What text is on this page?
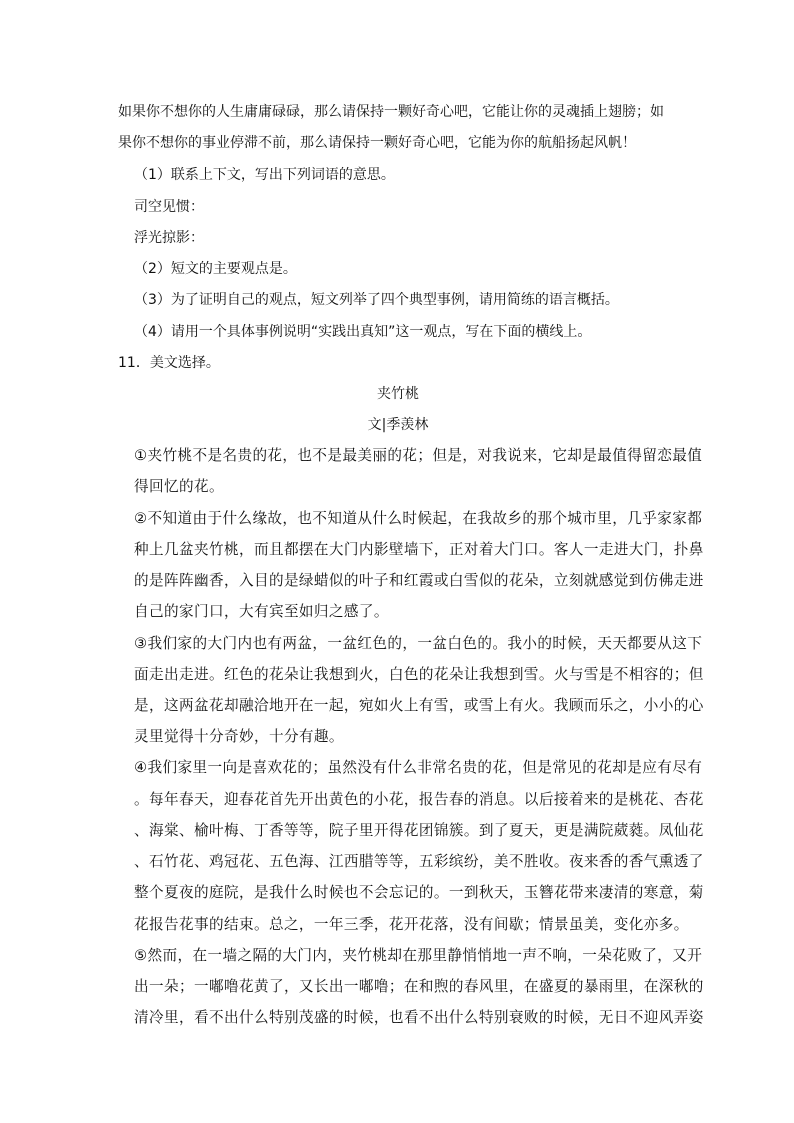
如果你不想你的人生庸庸碌碌，那么请保持一颗好奇心吧，它能让你的灵魂插上翅膀；如
果你不想你的事业停滞不前，那么请保持一颗好奇心吧，它能为你的航船扬起风帆！
（1）联系上下文，写出下列词语的意思。
司空见惯：
浮光掠影：
（2）短文的主要观点是。
（3）为了证明自己的观点，短文列举了四个典型事例，请用简练的语言概括。
（4）请用一个具体事例说明“实践出真知”这一观点，写在下面的横线上。
11．美文选择。
夹竹桃
文|季羡林
①夹竹桃不是名贵的花，也不是最美丽的花；但是，对我说来，它却是最值得留恋最值
得回忆的花。
②不知道由于什么缘故，也不知道从什么时候起，在我故乡的那个城市里，几乎家家都
种上几盆夹竹桃，而且都摆在大门内影壁墙下，正对着大门口。客人一走进大门，扑鼻
的是阵阵幽香，入目的是绿蜡似的叶子和红霞或白雪似的花朵，立刻就感觉到仿佛走进
自己的家门口，大有宾至如归之感了。
③我们家的大门内也有两盆，一盆红色的，一盆白色的。我小的时候，天天都要从这下
面走出走进。红色的花朵让我想到火，白色的花朵让我想到雪。火与雪是不相容的；但
是，这两盆花却融洽地开在一起，宛如火上有雪，或雪上有火。我顾而乐之，小小的心
灵里觉得十分奇妙，十分有趣。
④我们家里一向是喜欢花的；虽然没有什么非常名贵的花，但是常见的花却是应有尽有
。每年春天，迎春花首先开出黄色的小花，报告春的消息。以后接着来的是桃花、杏花
、海棠、榆叶梅、丁香等等，院子里开得花团锦簇。到了夏天，更是满院葳蕤。凤仙花
、石竹花、鸡冠花、五色海、江西腊等等，五彩缤纷，美不胜收。夜来香的香气熏透了
整个夏夜的庭院，是我什么时候也不会忘记的。一到秋天，玉簪花带来凄清的寒意，菊
花报告花事的结束。总之，一年三季，花开花落，没有间歇；情景虽美，变化亦多。
⑤然而，在一墙之隔的大门内，夹竹桃却在那里静悄悄地一声不响，一朵花败了，又开
出一朵；一嘟噜花黄了，又长出一嘟噜；在和煦的春风里，在盛夏的暴雨里，在深秋的
清冷里，看不出什么特别茂盛的时候，也看不出什么特别衰败的时候，无日不迎风弄姿
